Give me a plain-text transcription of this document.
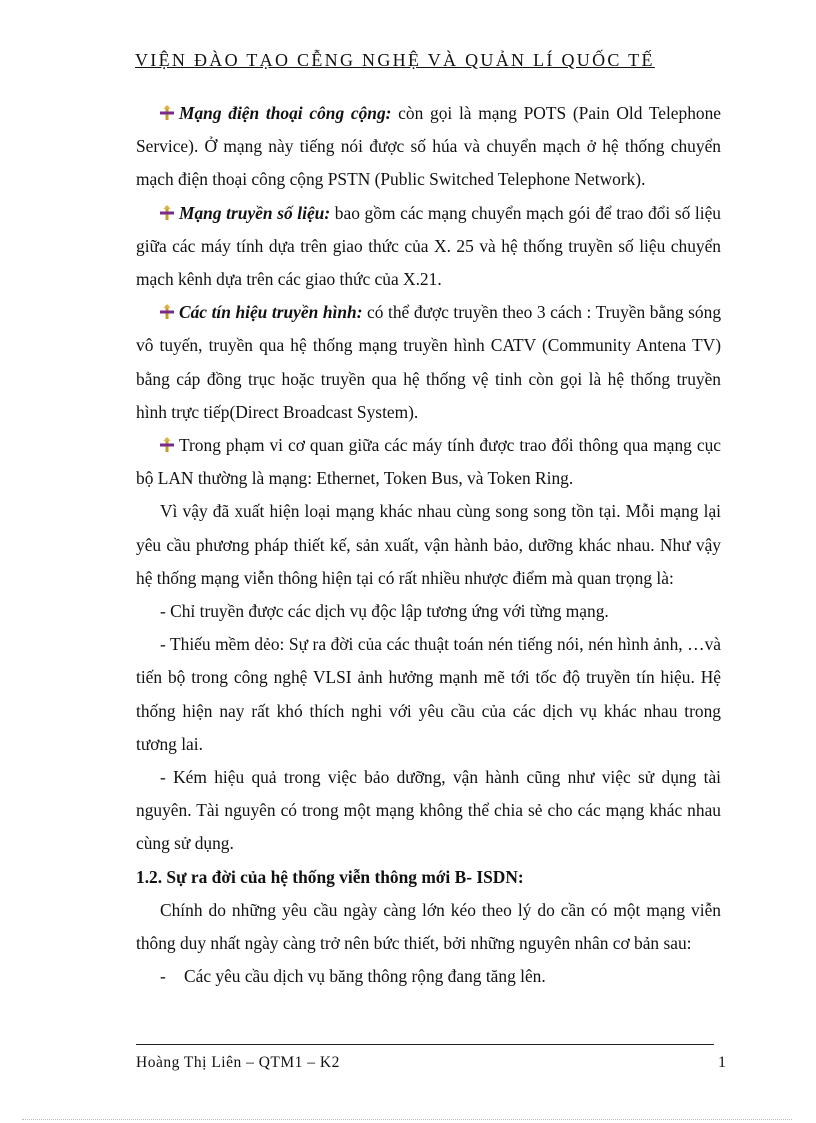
VIỆN ĐÀO TẠO CỄNG NGHỆ VÀ QUẢN LÍ QUỐC TẾ

Mạng điện thoại công cộng: còn gọi là mạng POTS (Pain Old Telephone Service). Ở mạng này tiếng nói được số húa và chuyển mạch ở hệ thống chuyển mạch điện thoại công cộng PSTN (Public Switched Telephone Network).

Mạng truyền số liệu: bao gồm các mạng chuyển mạch gói để trao đổi số liệu giữa các máy tính dựa trên giao thức của X. 25 và hệ thống truyền số liệu chuyển mạch kênh dựa trên các giao thức của X.21.

Các tín hiệu truyền hình: có thể được truyền theo 3 cách : Truyền bằng sóng vô tuyến, truyền qua hệ thống mạng truyền hình CATV (Community Antena TV) bằng cáp đồng trục hoặc truyền qua hệ thống vệ tinh còn gọi là hệ thống truyền hình trực tiếp(Direct Broadcast System).

Trong phạm vi cơ quan giữa các máy tính được trao đổi thông qua mạng cục bộ LAN thường là mạng: Ethernet, Token Bus, và Token Ring.

Vì vậy đã xuất hiện loại mạng khác nhau cùng song song tồn tại. Mỗi mạng lại yêu cầu phương pháp thiết kế, sản xuất, vận hành bảo, dưỡng khác nhau. Như vậy hệ thống mạng viễn thông hiện tại có rất nhiều nhược điểm mà quan trọng là:

- Chỉ truyền được các dịch vụ độc lập tương ứng với từng mạng.

- Thiếu mềm dẻo: Sự ra đời của các thuật toán nén tiếng nói, nén hình ảnh, …và tiến bộ trong công nghệ VLSI ảnh hưởng mạnh mẽ tới tốc độ truyền tín hiệu. Hệ thống hiện nay rất khó thích nghi với yêu cầu của các dịch vụ khác nhau trong tương lai.

- Kém hiệu quả trong việc bảo dưỡng, vận hành cũng như việc sử dụng tài nguyên. Tài nguyên có trong một mạng không thể chia sẻ cho các mạng khác nhau cùng sử dụng.

1.2. Sự ra đời của hệ thống viễn thông mới B- ISDN:

Chính do những yêu cầu ngày càng lớn kéo theo lý do cần có một mạng viễn thông duy nhất ngày càng trở nên bức thiết, bởi những nguyên nhân cơ bản sau:

- Các yêu cầu dịch vụ băng thông rộng đang tăng lên.

Hoàng Thị Liên – QTM1 – K2	1
